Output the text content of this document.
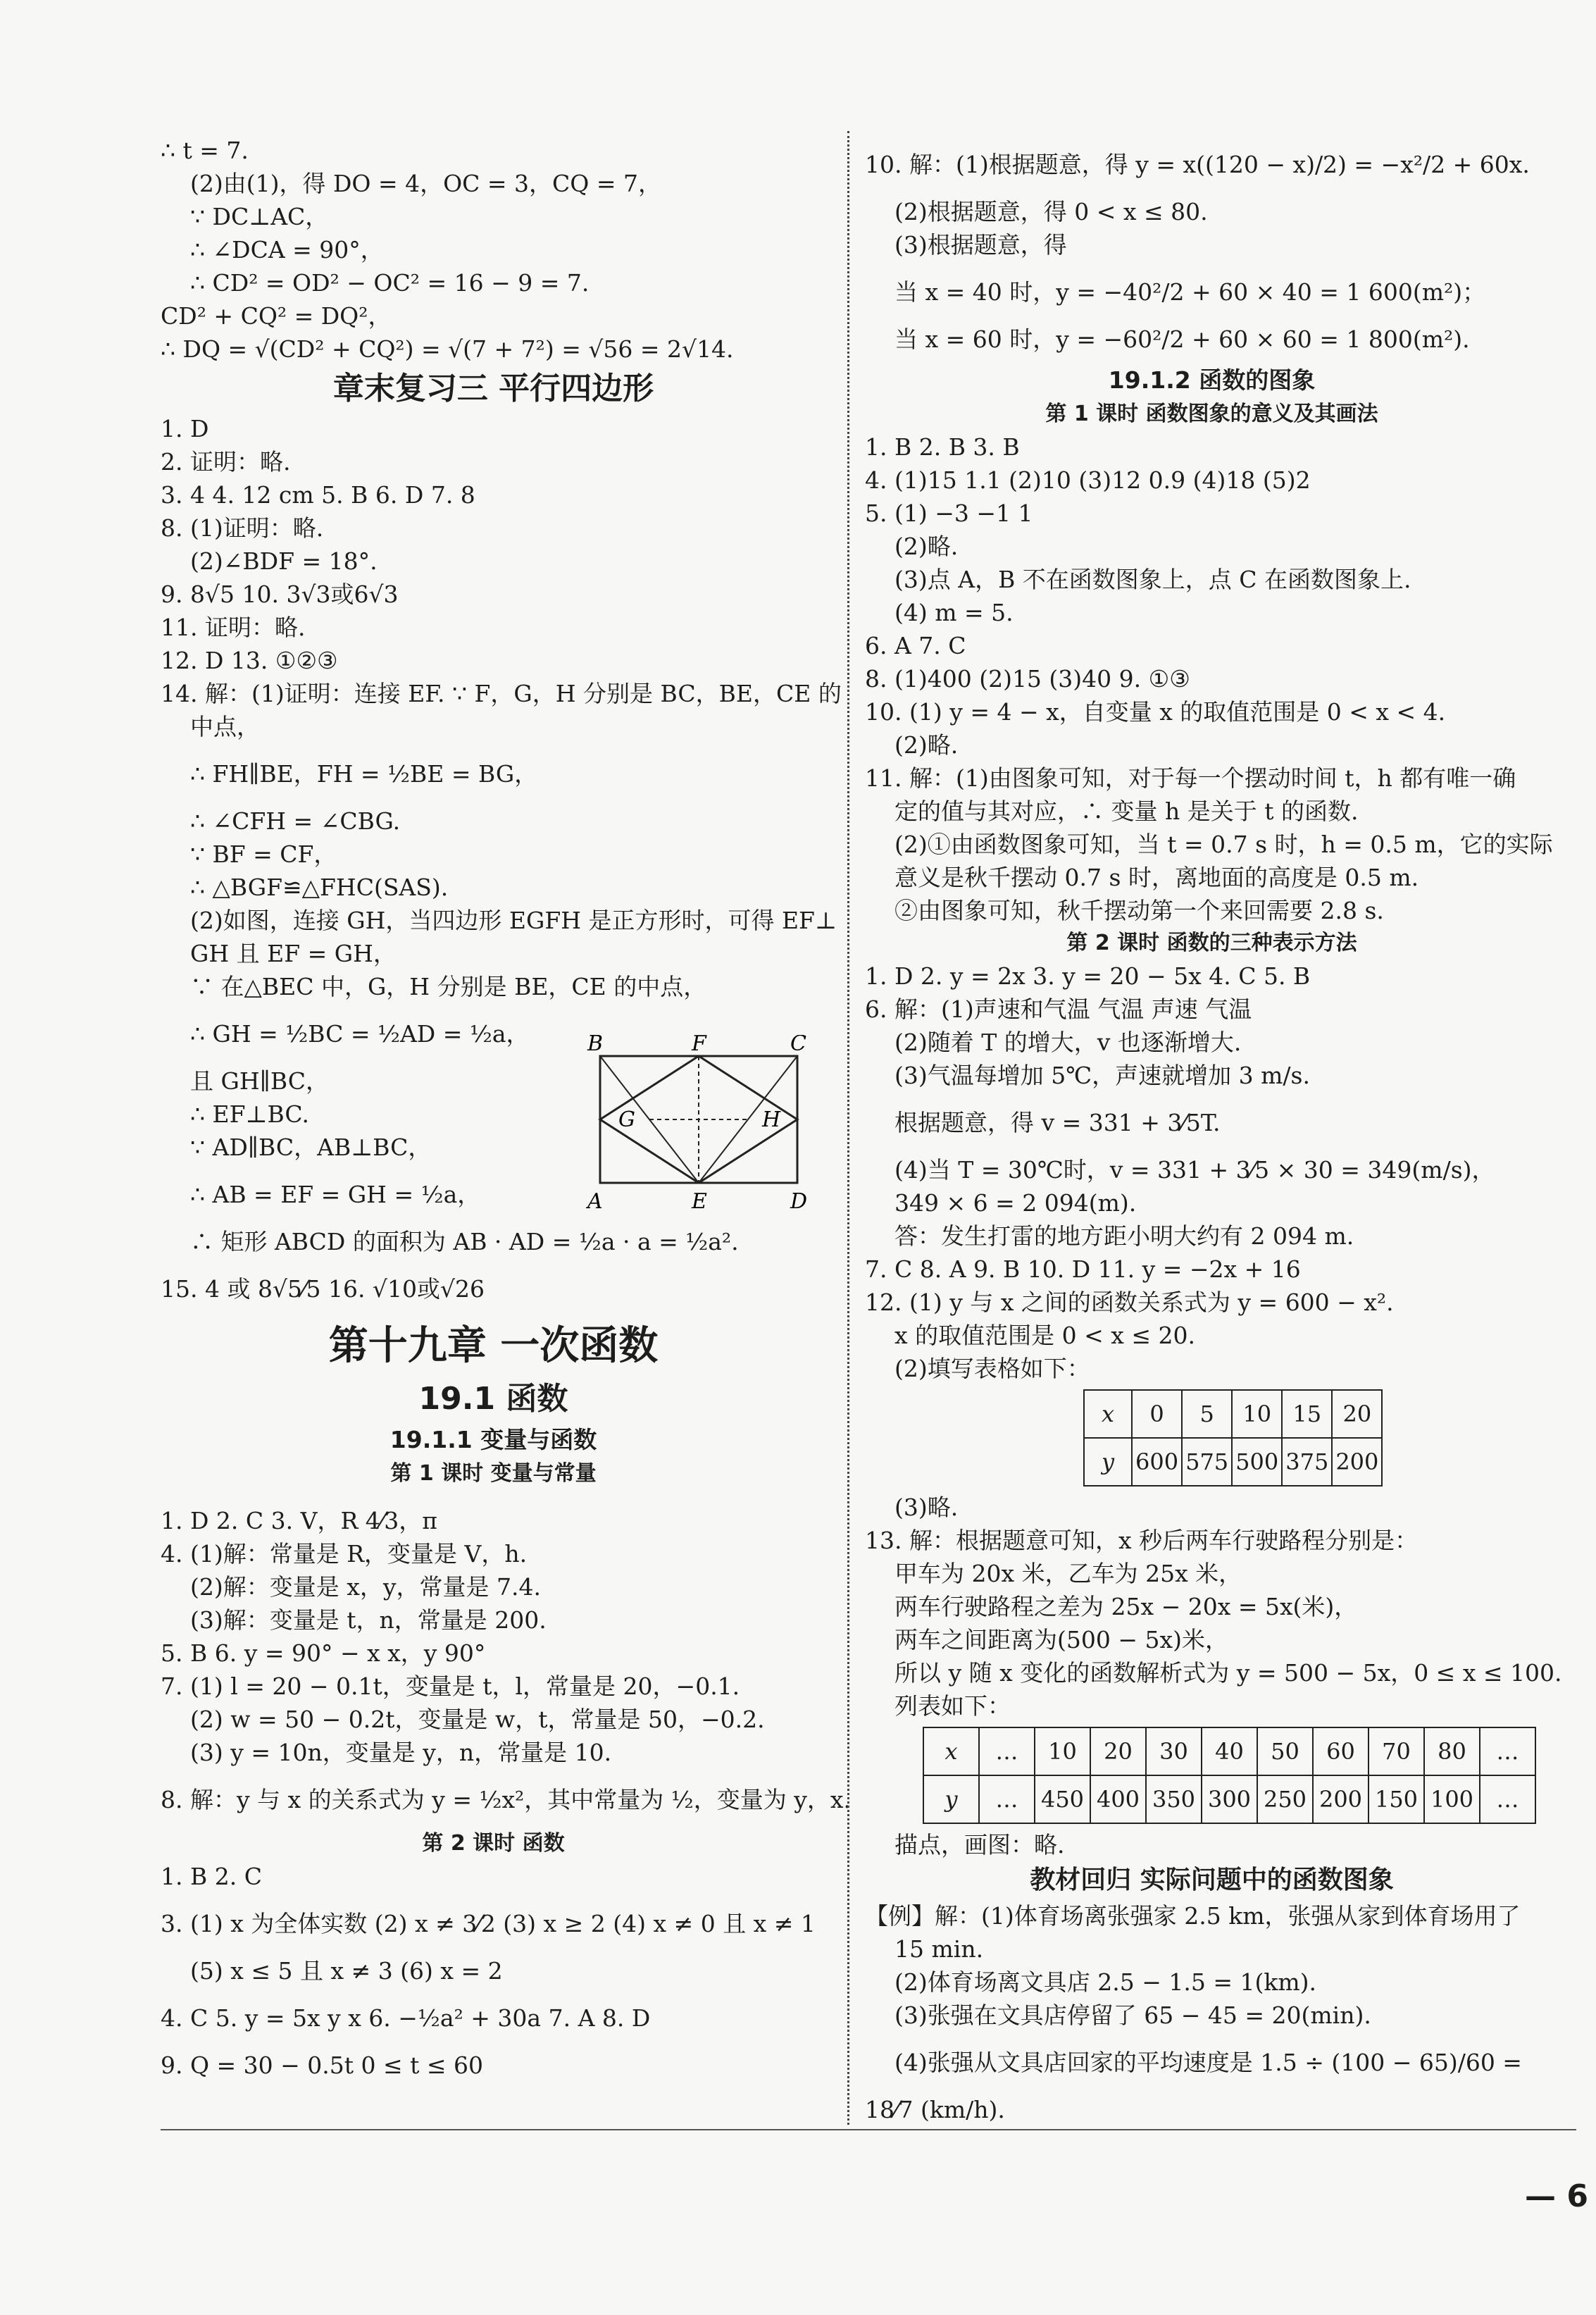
∴ t = 7.
(2)由(1)，得 DO = 4，OC = 3，CQ = 7，
∵ DC⊥AC，
∴ ∠DCA = 90°，
∴ CD² = OD² − OC² = 16 − 9 = 7.
CD² + CQ² = DQ²，
∴ DQ = √(CD² + CQ²) = √(7 + 7²) = √56 = 2√14.
章末复习三 平行四边形
1. D
2. 证明：略.
3. 4 4. 12 cm 5. B 6. D 7. 8
8. (1)证明：略.
(2)∠BDF = 18°.
9. 8√5 10. 3√3或6√3
11. 证明：略.
12. D 13. ①②③
14. 解：(1)证明：连接 EF. ∵ F，G，H 分别是 BC，BE，CE 的
中点，
∴ FH∥BE，FH = ½BE = BG，
∴ ∠CFH = ∠CBG.
∵ BF = CF，
∴ △BGF≌△FHC(SAS).
(2)如图，连接 GH，当四边形 EGFH 是正方形时，可得 EF⊥
GH 且 EF = GH，
∵ 在△BEC 中，G，H 分别是 BE，CE 的中点，
∴ GH = ½BC = ½AD = ½a，
且 GH∥BC，
∴ EF⊥BC.
∵ AD∥BC，AB⊥BC，
∴ AB = EF = GH = ½a，
B	F	C
G	H
A	E	D
∴ 矩形 ABCD 的面积为 AB · AD = ½a · a = ½a².
15. 4 或 8√5⁄5 16. √10或√26
第十九章 一次函数
19.1 函数
19.1.1 变量与函数
第 1 课时 变量与常量
1. D 2. C 3. V，R 4⁄3，π
4. (1)解：常量是 R，变量是 V，h.
(2)解：变量是 x，y，常量是 7.4.
(3)解：变量是 t，n，常量是 200.
5. B 6. y = 90° − x x，y 90°
7. (1) l = 20 − 0.1t，变量是 t，l，常量是 20，−0.1.
(2) w = 50 − 0.2t，变量是 w，t，常量是 50，−0.2.
(3) y = 10n，变量是 y，n，常量是 10.
8. 解：y 与 x 的关系式为 y = ½x²，其中常量为 ½，变量为 y，x.
第 2 课时 函数
1. B 2. C
3. (1) x 为全体实数 (2) x ≠ 3⁄2 (3) x ≥ 2 (4) x ≠ 0 且 x ≠ 1
(5) x ≤ 5 且 x ≠ 3 (6) x = 2
4. C 5. y = 5x y x 6. −½a² + 30a 7. A 8. D
9. Q = 30 − 0.5t 0 ≤ t ≤ 60
10. 解：(1)根据题意，得 y = x((120 − x)/2) = −x²/2 + 60x.
(2)根据题意，得 0 < x ≤ 80.
(3)根据题意，得
当 x = 40 时，y = −40²/2 + 60 × 40 = 1 600(m²)；
当 x = 60 时，y = −60²/2 + 60 × 60 = 1 800(m²).
19.1.2 函数的图象
第 1 课时 函数图象的意义及其画法
1. B 2. B 3. B
4. (1)15 1.1 (2)10 (3)12 0.9 (4)18 (5)2
5. (1) −3 −1 1
(2)略.
(3)点 A，B 不在函数图象上，点 C 在函数图象上.
(4) m = 5.
6. A 7. C
8. (1)400 (2)15 (3)40 9. ①③
10. (1) y = 4 − x，自变量 x 的取值范围是 0 < x < 4.
(2)略.
11. 解：(1)由图象可知，对于每一个摆动时间 t，h 都有唯一确
定的值与其对应，∴ 变量 h 是关于 t 的函数.
(2)①由函数图象可知，当 t = 0.7 s 时，h = 0.5 m，它的实际
意义是秋千摆动 0.7 s 时，离地面的高度是 0.5 m.
②由图象可知，秋千摆动第一个来回需要 2.8 s.
第 2 课时 函数的三种表示方法
1. D 2. y = 2x 3. y = 20 − 5x 4. C 5. B
6. 解：(1)声速和气温 气温 声速 气温
(2)随着 T 的增大，v 也逐渐增大.
(3)气温每增加 5℃，声速就增加 3 m/s.
根据题意，得 v = 331 + 3⁄5T.
(4)当 T = 30℃时，v = 331 + 3⁄5 × 30 = 349(m/s)，
349 × 6 = 2 094(m).
答：发生打雷的地方距小明大约有 2 094 m.
7. C 8. A 9. B 10. D 11. y = −2x + 16
12. (1) y 与 x 之间的函数关系式为 y = 600 − x².
x 的取值范围是 0 < x ≤ 20.
(2)填写表格如下：
x	0	5	10	15	20
y	600	575	500	375	200
(3)略.
13. 解：根据题意可知，x 秒后两车行驶路程分别是：
甲车为 20x 米，乙车为 25x 米，
两车行驶路程之差为 25x − 20x = 5x(米)，
两车之间距离为(500 − 5x)米，
所以 y 随 x 变化的函数解析式为 y = 500 − 5x，0 ≤ x ≤ 100.
列表如下：
x	…	10	20	30	40	50	60	70	80	…
y	…	450	400	350	300	250	200	150	100	…
描点，画图：略.
教材回归 实际问题中的函数图象
【例】解：(1)体育场离张强家 2.5 km，张强从家到体育场用了
15 min.
(2)体育场离文具店 2.5 − 1.5 = 1(km).
(3)张强在文具店停留了 65 − 45 = 20(min).
(4)张强从文具店回家的平均速度是 1.5 ÷ (100 − 65)/60 =
18⁄7 (km/h).
— 6
